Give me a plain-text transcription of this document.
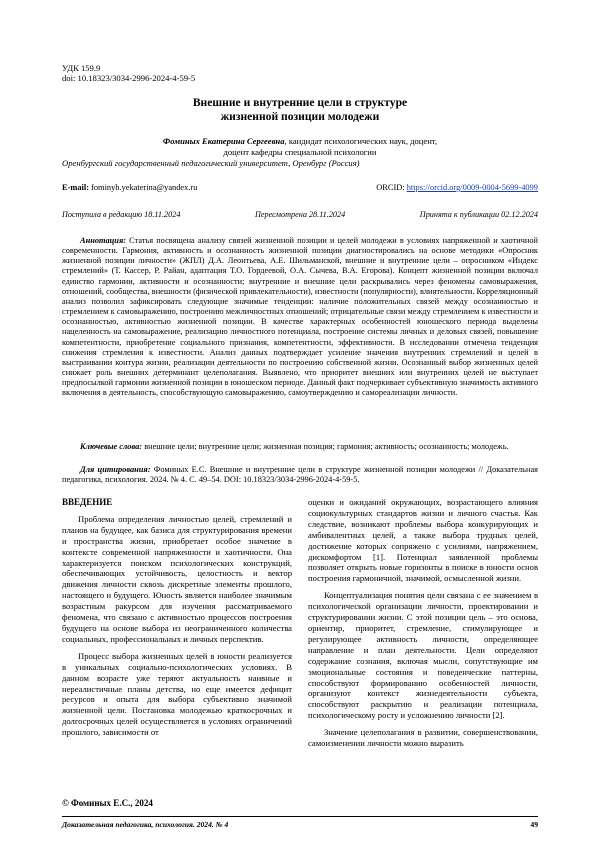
УДК 159.9
doi: 10.18323/3034-2996-2024-4-59-5
Внешние и внутренние цели в структуре
жизненной позиции молодежи
Фоминых Екатерина Сергеевна, кандидат психологических наук, доцент,
доцент кафедры специальной психологии
Оренбургский государственный педагогический университет, Оренбург (Россия)
E-mail: fominyh.yekaterina@yandex.ru	ORCID: https://orcid.org/0009-0004-5699-4099
Поступила в редакцию 18.11.2024	Пересмотрена 28.11.2024	Принята к публикации 02.12.2024
Аннотация: Статья посвящена анализу связей жизненной позиции и целей молодежи в условиях напряженной и хаотичной современности. Гармония, активность и осознанность жизненной позиции диагностировались на основе методики «Опросник жизненной позиции личности» (ЖПЛ) Д.А. Леонтьева, А.Е. Шильманской, внешние и внутренние цели – опросником «Индекс стремлений» (Т. Кассер, Р. Райан, адаптация Т.О. Гордеевой, О.А. Сычева, В.А. Егорова). Концепт жизненной позиции включал единство гармонии, активности и осознанности; внутренние и внешние цели раскрывались через феномены самовыражения, отношений, сообщества, внешности (физической привлекательности), известности (популярности), влиятельности. Корреляционный анализ позволил зафиксировать следующие значимые тенденции: наличие положительных связей между осознанностью и стремлением к самовыражению, построению межличностных отношений; отрицательные связи между стремлением к известности и осознанностью, активностью жизненной позиции. В качестве характерных особенностей юношеского периода выделены нацеленность на самовыражение, реализацию личностного потенциала, построение системы личных и деловых связей, повышение компетентности, приобретение социального признания, компетентности, эффективности. В исследовании отмечена тенденция снижения стремления к известности. Анализ данных подтверждает усиление значения внутренних стремлений и целей в выстраивании контура жизни, реализации деятельности по построению собственной жизни. Осознанный выбор жизненных целей снижает роль внешних детерминант целеполагания. Выявлено, что приоритет внешних или внутренних целей не выступает предпосылкой гармонии жизненной позиции в юношеском периоде. Данный факт подчеркивает субъективную значимость активного включения в деятельность, способствующую самовыражению, самоутверждению и самореализации личности.
Ключевые слова: внешние цели; внутренние цели; жизненная позиция; гармония; активность; осознанность; молодежь.
Для цитирования: Фоминых Е.С. Внешние и внутренние цели в структуре жизненной позиции молодежи // Доказательная педагогика, психология. 2024. № 4. С. 49–54. DOI: 10.18323/3034-2996-2024-4-59-5.
ВВЕДЕНИЕ

Проблема определения личностью целей, стремлений и планов на будущее, как базиса для структурирования времени и пространства жизни, приобретает особое значение в контексте современной напряженности и хаотичности. Она характеризуется поиском психологических конструкций, обеспечивающих устойчивость, целостность и вектор движения личности сквозь дискретные элементы прошлого, настоящего и будущего. Юность является наиболее значимым возрастным ракурсом для изучения рассматриваемого феномена, что связано с активностью процессов построения будущего на основе выбора из неограниченного количества социальных, профессиональных и личных перспектив.

Процесс выбора жизненных целей в юности реализуется в уникальных социально-психологических условиях. В данном возрасте уже теряют актуальность наивные и нереалистичные планы детства, но еще имеется дефицит ресурсов и опыта для выбора субъективно значимой жизненной цели. Постановка молодежью краткосрочных и долгосрочных целей осуществляется в условиях ограничений прошлого, зависимости от

оценки и ожиданий окружающих, возрастающего влияния социокультурных стандартов жизни и личного счастья. Как следствие, возникают проблемы выбора конкурирующих и амбивалентных целей, а также выбора трудных целей, достижение которых сопряжено с усилиями, напряжением, дискомфортом [1]. Потенциал заявленной проблемы позволяет открыть новые горизонты в поиске в юности основ построения гармоничной, значимой, осмысленной жизни.

Концептуализация понятия цели связана с ее значением в психологической организации личности, проектировании и структурировании жизни. С этой позиции цель – это основа, ориентир, приоритет, стремление, стимулирующее и регулирующее активность личности, определяющее направление и план деятельности. Цели определяют содержание сознания, включая мысли, сопутствующие им эмоциональные состояния и поведенческие паттерны, способствуют формированию особенностей личности, организуют контекст жизнедеятельности субъекта, способствуют раскрытию и реализации потенциала, психологическому росту и усложнению личности [2].

Значение целеполагания в развитии, совершенствовании, самоизменении личности можно выразить

© Фоминых Е.С., 2024
Доказательная педагогика, психология. 2024. № 4	49
